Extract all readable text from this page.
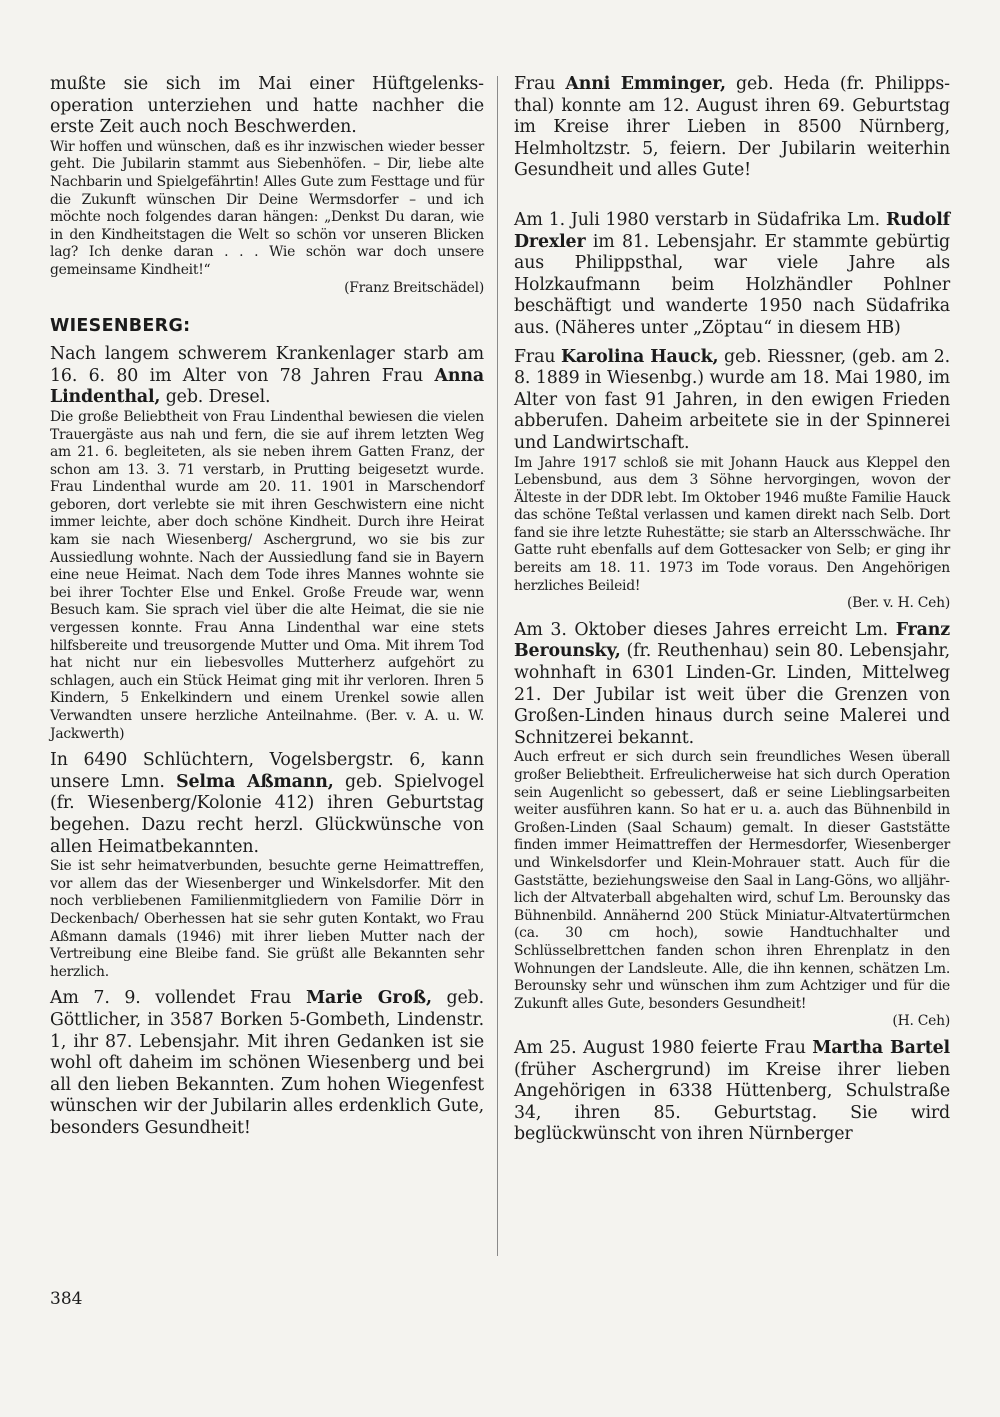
mußte sie sich im Mai einer Hüftgelenksoperation unterziehen und hatte nachher die erste Zeit auch noch Beschwerden.

Wir hoffen und wünschen, daß es ihr inzwischen wieder besser geht. Die Jubilarin stammt aus Siebenhöfen. – Dir, liebe alte Nachbarin und Spielgefährtin! Alles Gute zum Festtage und für die Zukunft wünschen Dir Deine Wermsdorfer – und ich möchte noch folgendes daran hängen: „Denkst Du daran, wie in den Kindheitstagen die Welt so schön vor unseren Blicken lag? Ich denke daran . . . Wie schön war doch unsere gemeinsame Kindheit!“

(Franz Breitschädel)

WIESENBERG:

Nach langem schwerem Krankenlager starb am 16. 6. 80 im Alter von 78 Jahren Frau Anna Lindenthal, geb. Dresel.

Die große Beliebtheit von Frau Lindenthal bewiesen die vielen Trauergäste aus nah und fern, die sie auf ihrem letzten Weg am 21. 6. begleiteten, als sie neben ihrem Gatten Franz, der schon am 13. 3. 71 verstarb, in Prutting beigesetzt wurde. Frau Lindenthal wurde am 20. 11. 1901 in Marschendorf geboren, dort verlebte sie mit ihren Geschwistern eine nicht immer leichte, aber doch schöne Kindheit. Durch ihre Heirat kam sie nach Wiesenberg/ Aschergrund, wo sie bis zur Aussiedlung wohnte. Nach der Aussiedlung fand sie in Bayern eine neue Heimat. Nach dem Tode ihres Mannes wohnte sie bei ihrer Tochter Else und Enkel. Große Freude war, wenn Besuch kam. Sie sprach viel über die alte Heimat, die sie nie vergessen konnte. Frau Anna Lindenthal war eine stets hilfsbereite und treusorgende Mutter und Oma. Mit ihrem Tod hat nicht nur ein liebesvolles Mutterherz aufgehört zu schlagen, auch ein Stück Heimat ging mit ihr verloren. Ihren 5 Kindern, 5 Enkelkindern und einem Urenkel sowie allen Verwandten unsere herzliche Anteilnahme. (Ber. v. A. u. W. Jackwerth)

In 6490 Schlüchtern, Vogelsbergstr. 6, kann unsere Lmn. Selma Aßmann, geb. Spielvogel (fr. Wiesenberg/Kolonie 412) ihren Geburtstag begehen. Dazu recht herzl. Glückwünsche von allen Heimatbekannten.

Sie ist sehr heimatverbunden, besuchte gerne Heimattreffen, vor allem das der Wiesenberger und Winkelsdorfer. Mit den noch verbliebenen Familienmitgliedern von Familie Dörr in Deckenbach/ Oberhessen hat sie sehr guten Kontakt, wo Frau Aßmann damals (1946) mit ihrer lieben Mutter nach der Vertreibung eine Bleibe fand. Sie grüßt alle Bekannten sehr herzlich.

Am 7. 9. vollendet Frau Marie Groß, geb. Göttlicher, in 3587 Borken 5-Gombeth, Lindenstr. 1, ihr 87. Lebensjahr. Mit ihren Gedanken ist sie wohl oft daheim im schönen Wiesenberg und bei all den lieben Bekannten. Zum hohen Wiegenfest wünschen wir der Jubilarin alles erdenklich Gute, besonders Gesundheit!

Frau Anni Emminger, geb. Heda (fr. Philippsthal) konnte am 12. August ihren 69. Geburtstag im Kreise ihrer Lieben in 8500 Nürnberg, Helmholtzstr. 5, feiern. Der Jubilarin weiterhin Gesundheit und alles Gute!

Am 1. Juli 1980 verstarb in Südafrika Lm. Rudolf Drexler im 81. Lebensjahr. Er stammte gebürtig aus Philippsthal, war viele Jahre als Holzkaufmann beim Holzhändler Pohlner beschäftigt und wanderte 1950 nach Südafrika aus. (Näheres unter „Zöptau“ in diesem HB)

Frau Karolina Hauck, geb. Riessner, (geb. am 2. 8. 1889 in Wiesenbg.) wurde am 18. Mai 1980, im Alter von fast 91 Jahren, in den ewigen Frieden abberufen. Daheim arbeitete sie in der Spinnerei und Landwirtschaft.

Im Jahre 1917 schloß sie mit Johann Hauck aus Kleppel den Lebensbund, aus dem 3 Söhne hervorgingen, wovon der Älteste in der DDR lebt. Im Oktober 1946 mußte Familie Hauck das schöne Teßtal verlassen und kamen direkt nach Selb. Dort fand sie ihre letzte Ruhestätte; sie starb an Altersschwäche. Ihr Gatte ruht ebenfalls auf dem Gottesacker von Selb; er ging ihr bereits am 18. 11. 1973 im Tode voraus. Den Angehörigen herzliches Beileid!

(Ber. v. H. Ceh)

Am 3. Oktober dieses Jahres erreicht Lm. Franz Berounsky, (fr. Reuthenhau) sein 80. Lebensjahr, wohnhaft in 6301 Linden-Gr. Linden, Mittelweg 21. Der Jubilar ist weit über die Grenzen von Großen-Linden hinaus durch seine Malerei und Schnitzerei bekannt.

Auch erfreut er sich durch sein freundliches Wesen überall großer Beliebtheit. Erfreulicherweise hat sich durch Operation sein Augenlicht so gebessert, daß er seine Lieblingsarbeiten weiter ausführen kann. So hat er u. a. auch das Bühnenbild in Großen-Linden (Saal Schaum) gemalt. In dieser Gaststätte finden immer Heimattreffen der Hermesdorfer, Wiesenberger und Winkelsdorfer und Klein-Mohrauer statt. Auch für die Gaststätte, beziehungsweise den Saal in Lang-Göns, wo alljährlich der Altvaterball abgehalten wird, schuf Lm. Berounsky das Bühnenbild. Annähernd 200 Stück Miniatur-Altvatertürmchen (ca. 30 cm hoch), sowie Handtuchhalter und Schlüsselbrettchen fanden schon ihren Ehrenplatz in den Wohnungen der Landsleute. Alle, die ihn kennen, schätzen Lm. Berounsky sehr und wünschen ihm zum Achtziger und für die Zukunft alles Gute, besonders Gesundheit!

(H. Ceh)

Am 25. August 1980 feierte Frau Martha Bartel (früher Aschergrund) im Kreise ihrer lieben Angehörigen in 6338 Hüttenberg, Schulstraße 34, ihren 85. Geburtstag. Sie wird beglückwünscht von ihren Nürnberger

384
